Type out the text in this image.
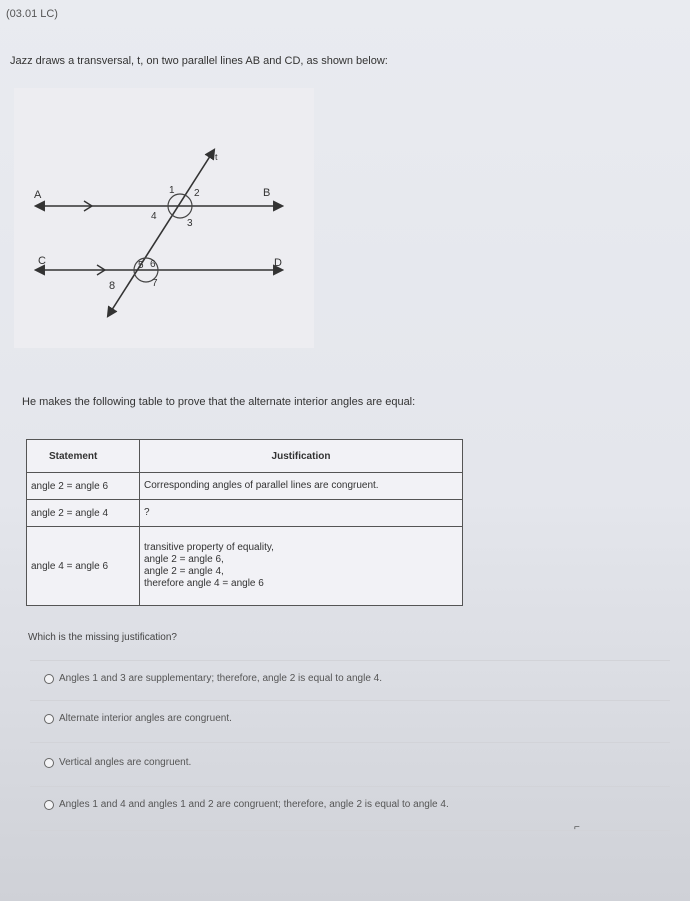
(03.01 LC)
Jazz draws a transversal, t, on two parallel lines AB and CD, as shown below:
t
A	B
C	D
1 2
3
4
5 6
7
8
He makes the following table to prove that the alternate interior angles are equal:
Statement	Justification
angle 2 = angle 6	Corresponding angles of parallel lines are congruent.

angle 2 = angle 4	?

angle 4 = angle 6	transitive property of equality,
angle 2 = angle 6,
angle 2 = angle 4,
therefore angle 4 = angle 6
Which is the missing justification?
Angles 1 and 3 are supplementary; therefore, angle 2 is equal to angle 4.
Alternate interior angles are congruent.
Vertical angles are congruent.
Angles 1 and 4 and angles 1 and 2 are congruent; therefore, angle 2 is equal to angle 4.
⌐
